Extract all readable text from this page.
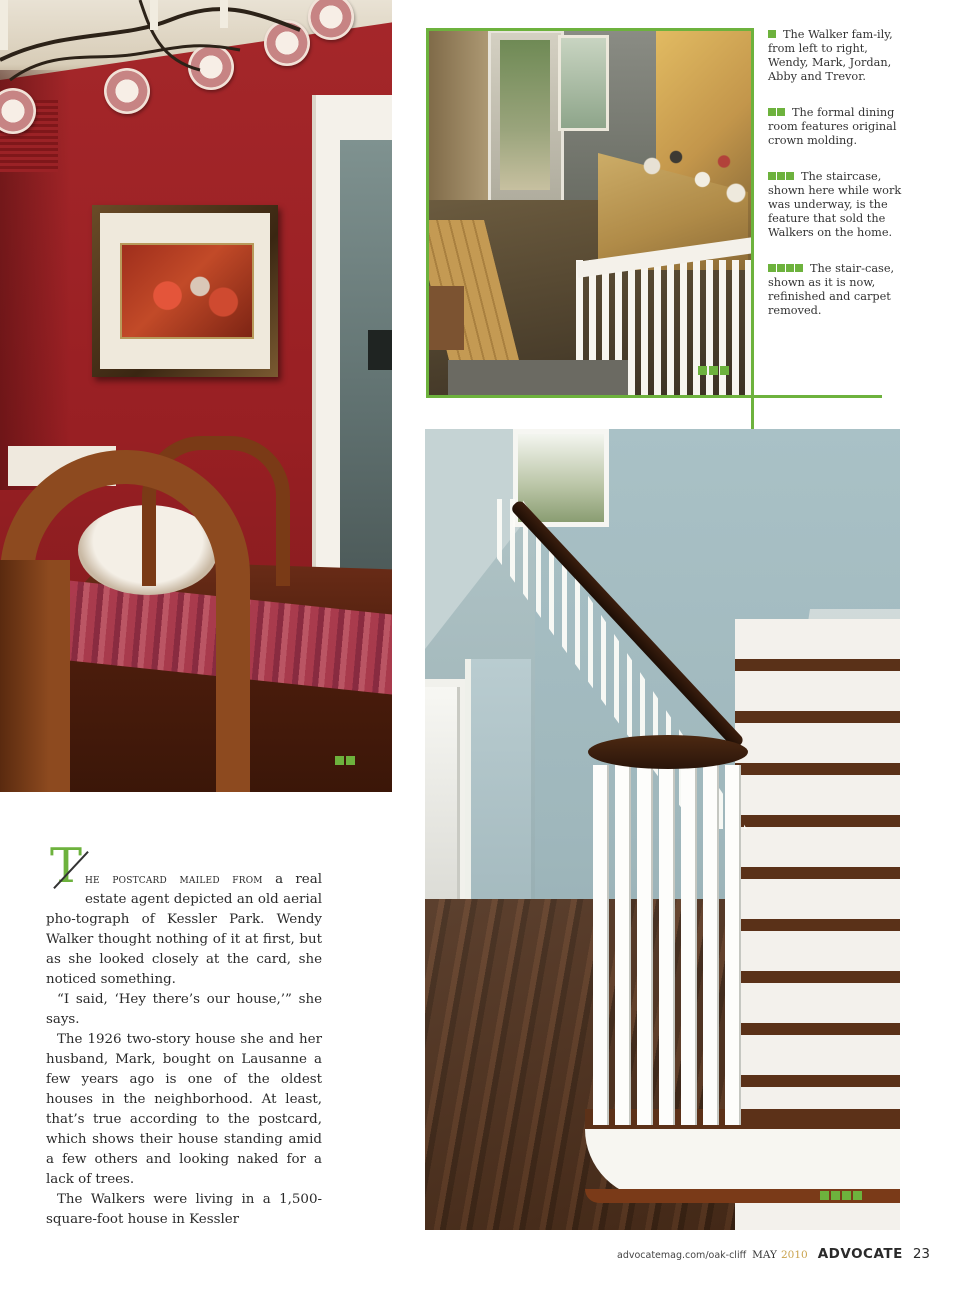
The Walker fam-ily, from left to right, Wendy, Mark, Jordan, Abby and Trevor.

The formal dining room features original crown molding.

The staircase, shown here while work was underway, is the feature that sold the Walkers on the home.

The stair-case, shown as it is now, refinished and carpet removed.

T he postcard mailed from a real estate agent depicted an old aerial pho-tograph of Kessler Park. Wendy Walker thought nothing of it at first, but as she looked closely at the card, she noticed something.

“I said, ‘Hey there’s our house,’” she says.

The 1926 two-story house she and her husband, Mark, bought on Lausanne a few years ago is one of the oldest houses in the neighborhood. At least, that’s true according to the postcard, which shows their house standing amid a few others and looking naked for a lack of trees.

The Walkers were living in a 1,500-square-foot house in Kessler

advocatemag.com/oak-cliff MAY 2010 ADVOCATE 23
